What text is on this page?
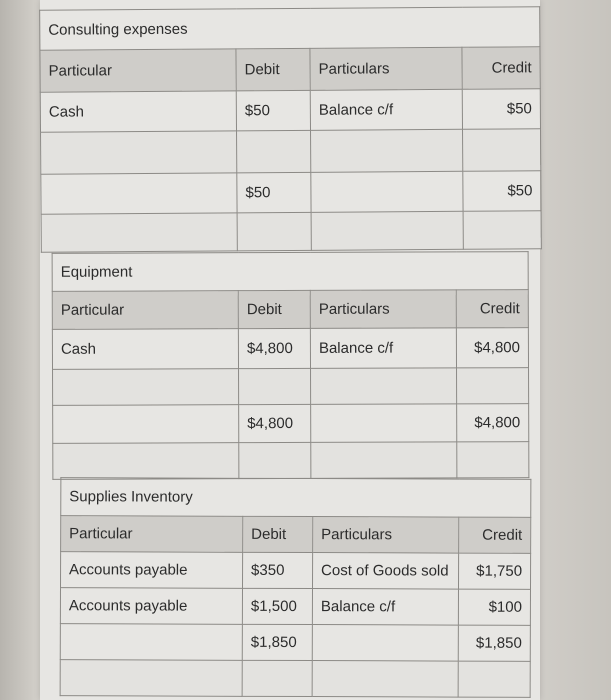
Consulting expenses			
Particular	Debit	Particulars	Credit
Cash	$50	Balance c/f	$50

	$50		$50

Equipment			
Particular	Debit	Particulars	Credit
Cash	$4,800	Balance c/f	$4,800

	$4,800		$4,800

Supplies Inventory			
Particular	Debit	Particulars	Credit
Accounts payable	$350	Cost of Goods sold	$1,750
Accounts payable	$1,500	Balance c/f	$100
	$1,850		$1,850
